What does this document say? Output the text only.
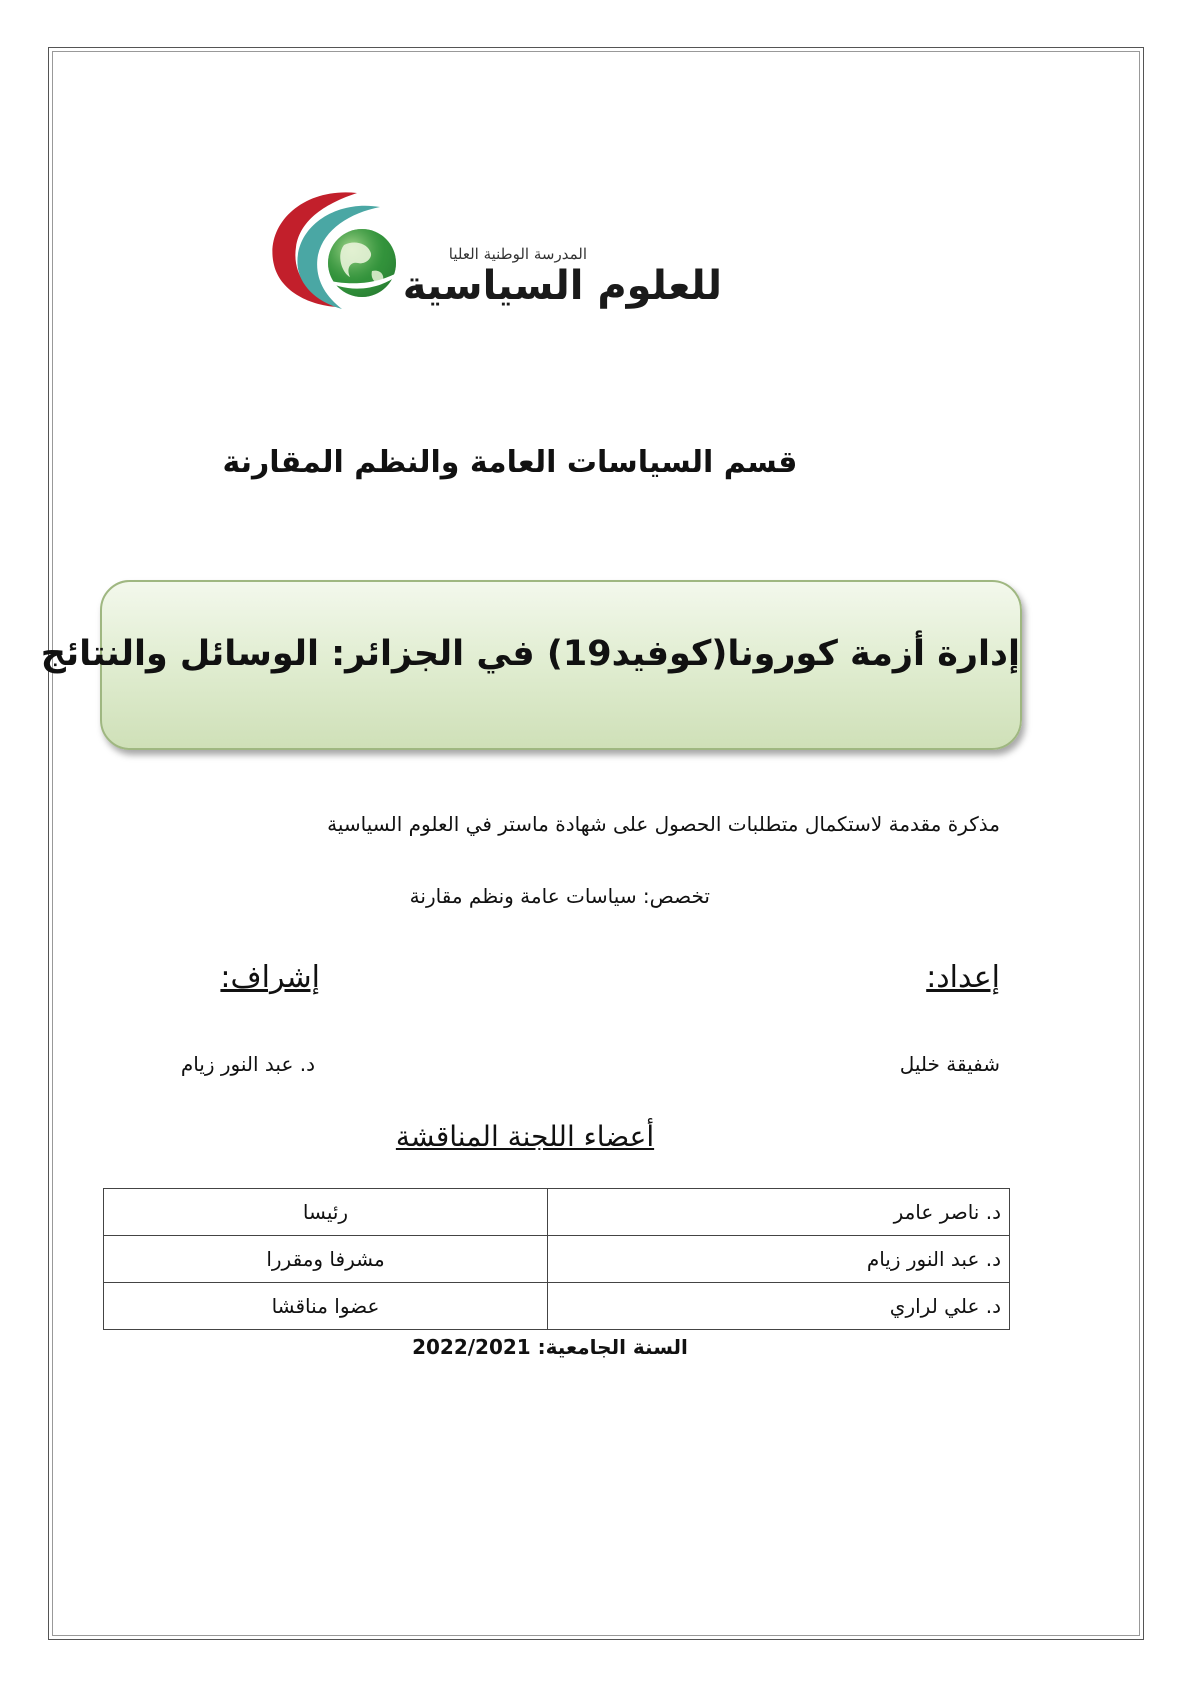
المدرسة الوطنية العليا
للعلوم السياسية
قسم السياسات العامة والنظم المقارنة
إدارة أزمة كورونا(كوفيد19) في الجزائر: الوسائل والنتائج
مذكرة مقدمة لاستكمال متطلبات الحصول على شهادة ماستر في العلوم السياسية
تخصص: سياسات عامة ونظم مقارنة
إعداد:
إشراف:
شفيقة خليل
د. عبد النور زيام
أعضاء اللجنة المناقشة
د. ناصر عامر	رئيسا
د. عبد النور زيام	مشرفا ومقررا
د. علي لراري	عضوا مناقشا
السنة الجامعية: 2022/2021
